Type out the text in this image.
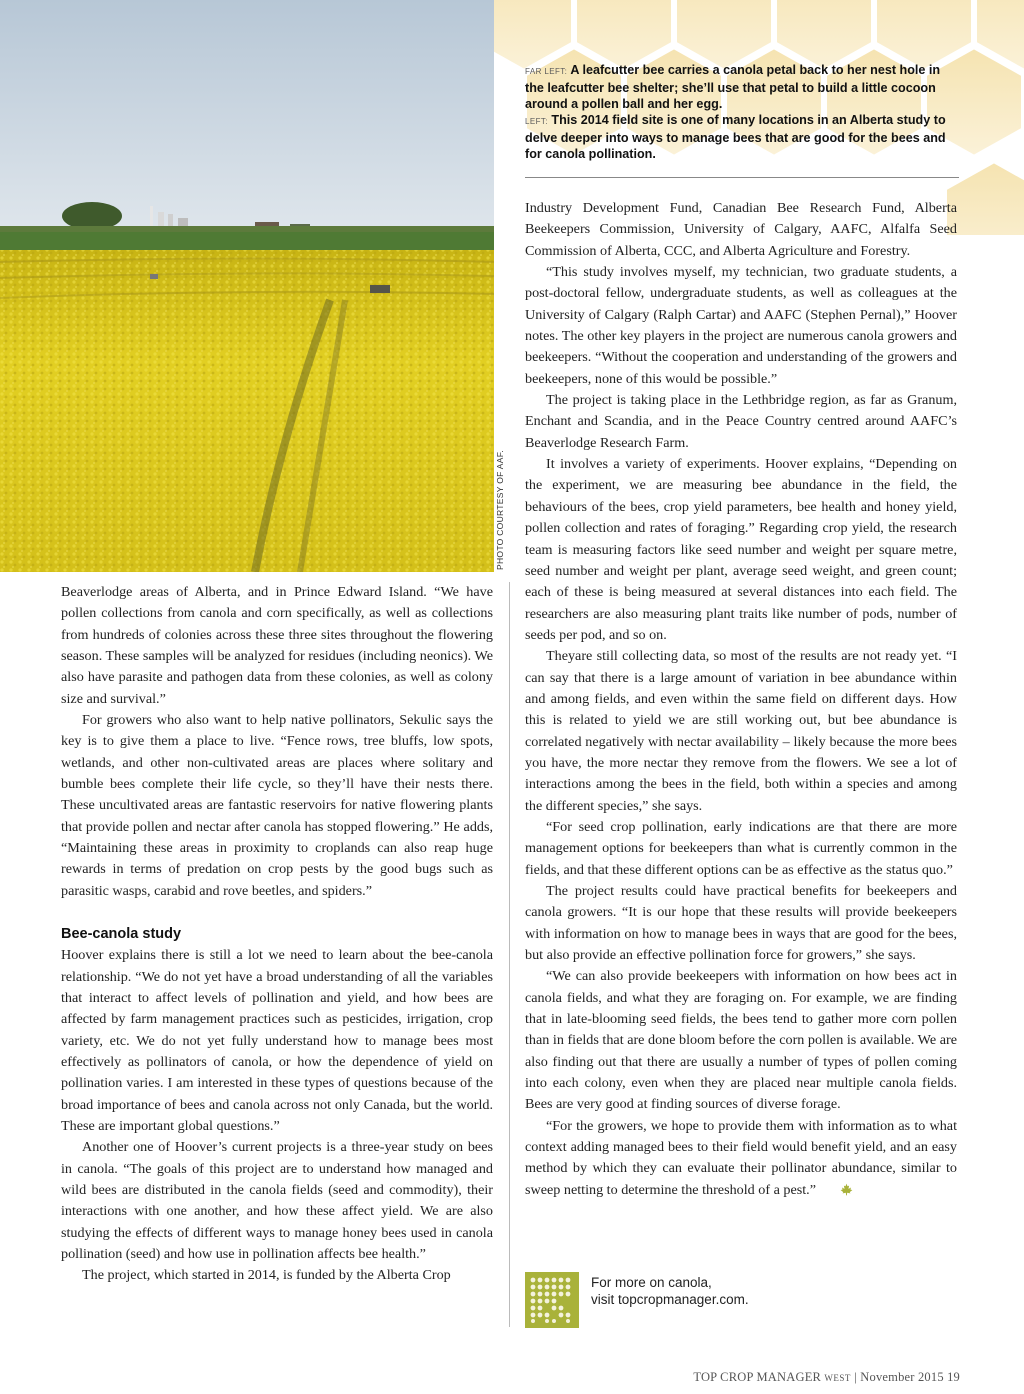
PHOTO COURTESY OF AAF.

FAR LEFT: A leafcutter bee carries a canola petal back to her nest hole in the leafcutter bee shelter; she’ll use that petal to build a little cocoon around a pollen ball and her egg.

LEFT: This 2014 field site is one of many locations in an Alberta study to delve deeper into ways to manage bees that are good for the bees and for canola pollination.

Beaverlodge areas of Alberta, and in Prince Edward Island. “We have pollen collections from canola and corn specifically, as well as collections from hundreds of colonies across these three sites throughout the flowering season. These samples will be analyzed for residues (including neonics). We also have parasite and pathogen data from these colonies, as well as colony size and survival.”

For growers who also want to help native pollinators, Sekulic says the key is to give them a place to live. “Fence rows, tree bluffs, low spots, wetlands, and other non-cultivated areas are places where solitary and bumble bees complete their life cycle, so they’ll have their nests there. These uncultivated areas are fantastic reservoirs for native flowering plants that provide pollen and nectar after canola has stopped flowering.” He adds, “Maintaining these areas in proximity to croplands can also reap huge rewards in terms of predation on crop pests by the good bugs such as parasitic wasps, carabid and rove beetles, and spiders.”

Bee-canola study

Hoover explains there is still a lot we need to learn about the bee-canola relationship. “We do not yet have a broad understanding of all the variables that interact to affect levels of pollination and yield, and how bees are affected by farm management practices such as pesticides, irrigation, crop variety, etc. We do not yet fully understand how to manage bees most effectively as pollinators of canola, or how the dependence of yield on pollination varies. I am interested in these types of questions because of the broad importance of bees and canola across not only Canada, but the world. These are important global questions.”

Another one of Hoover’s current projects is a three-year study on bees in canola. “The goals of this project are to understand how managed and wild bees are distributed in the canola fields (seed and commodity), their interactions with one another, and how these affect yield. We are also studying the effects of different ways to manage honey bees used in canola pollination (seed) and how use in pollination affects bee health.”

The project, which started in 2014, is funded by the Alberta Crop

Industry Development Fund, Canadian Bee Research Fund, Alberta Beekeepers Commission, University of Calgary, AAFC, Alfalfa Seed Commission of Alberta, CCC, and Alberta Agriculture and Forestry.

“This study involves myself, my technician, two graduate students, a post-doctoral fellow, undergraduate students, as well as colleagues at the University of Calgary (Ralph Cartar) and AAFC (Stephen Pernal),” Hoover notes. The other key players in the project are numerous canola growers and beekeepers. “Without the cooperation and understanding of the growers and beekeepers, none of this would be possible.”

The project is taking place in the Lethbridge region, as far as Granum, Enchant and Scandia, and in the Peace Country centred around AAFC’s Beaverlodge Research Farm.

It involves a variety of experiments. Hoover explains, “Depending on the experiment, we are measuring bee abundance in the field, the behaviours of the bees, crop yield parameters, bee health and honey yield, pollen collection and rates of foraging.” Regarding crop yield, the research team is measuring factors like seed number and weight per square metre, seed number and weight per plant, average seed weight, and green count; each of these is being measured at several distances into each field. The researchers are also measuring plant traits like number of pods, number of seeds per pod, and so on.

Theyare still collecting data, so most of the results are not ready yet. “I can say that there is a large amount of variation in bee abundance within and among fields, and even within the same field on different days. How this is related to yield we are still working out, but bee abundance is correlated negatively with nectar availability – likely because the more bees you have, the more nectar they remove from the flowers. We see a lot of interactions among the bees in the field, both within a species and among the different species,” she says.

“For seed crop pollination, early indications are that there are more management options for beekeepers than what is currently common in the fields, and that these different options can be as effective as the status quo.”

The project results could have practical benefits for beekeepers and canola growers. “It is our hope that these results will provide beekeepers with information on how to manage bees in ways that are good for the bees, but also provide an effective pollination force for growers,” she says.

“We can also provide beekeepers with information on how bees act in canola fields, and what they are foraging on. For example, we are finding that in late-blooming seed fields, the bees tend to gather more corn pollen than in fields that are done bloom before the corn pollen is available. We are also finding out that there are usually a number of types of pollen coming into each colony, even when they are placed near multiple canola fields. Bees are very good at finding sources of diverse forage.

“For the growers, we hope to provide them with information as to what context adding managed bees to their field would benefit yield, and an easy method by which they can evaluate their pollinator abundance, similar to sweep netting to determine the threshold of a pest.”

For more on canola,
visit topcropmanager.com.
TOP CROP MANAGER WEST | November 2015 19
